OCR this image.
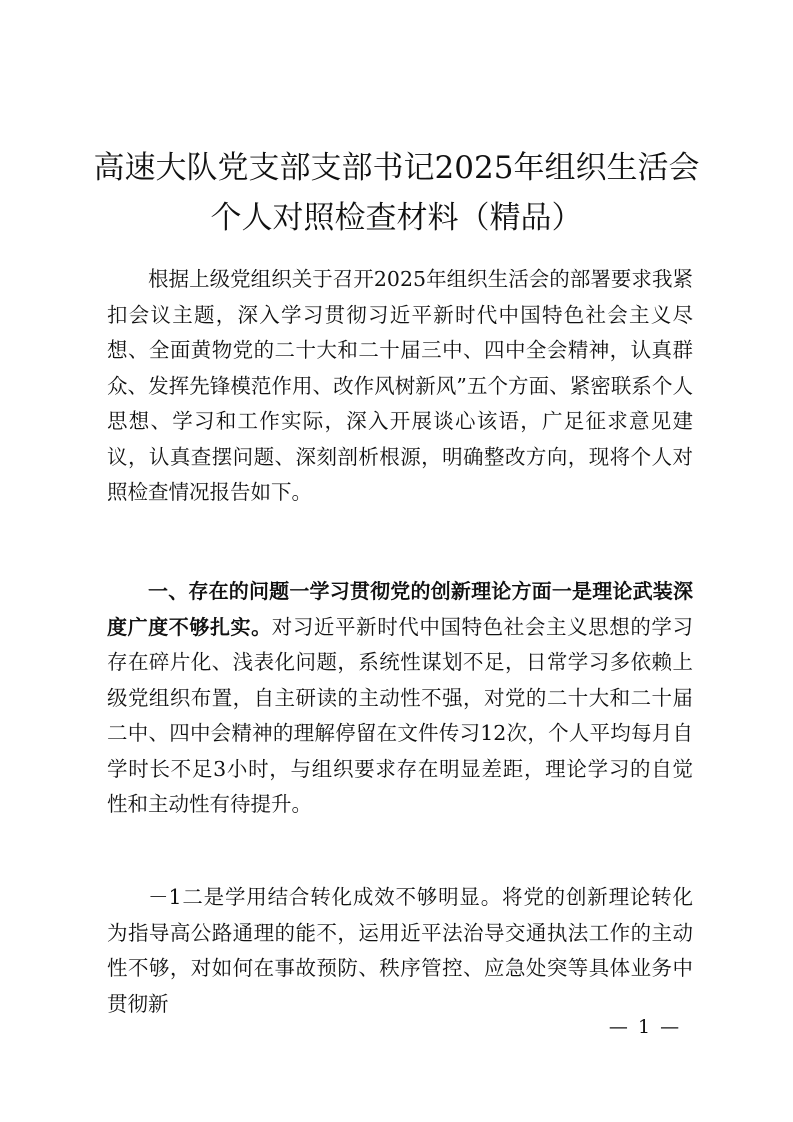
高速大队党支部支部书记2025年组织生活会
个人对照检查材料（精品）

根据上级党组织关于召开2025年组织生活会的部署要求我紧扣会议主题，深入学习贯彻习近平新时代中国特色社会主义尽想、全面黄物党的二十大和二十届三中、四中全会精神，认真群众、发挥先锋模范作用、改作风树新风”五个方面、紧密联系个人思想、学习和工作实际，深入开展谈心该语，广足征求意见建议，认真查摆问题、深刻剖析根源，明确整改方向，现将个人对照检查情况报告如下。

一、存在的问题一学习贯彻党的创新理论方面一是理论武装深度广度不够扎实。对习近平新时代中国特色社会主义思想的学习存在碎片化、浅表化问题，系统性谋划不足，日常学习多依赖上级党组织布置，自主研读的主动性不强，对党的二十大和二十届二中、四中会精神的理解停留在文件传习12次，个人平均每月自学时长不足3小时，与组织要求存在明显差距，理论学习的自觉性和主动性有待提升。

－1二是学用结合转化成效不够明显。将党的创新理论转化为指导高公路通理的能不，运用近平法治导交通执法工作的主动性不够，对如何在事故预防、秩序管控、应急处突等具体业务中贯彻新

— 1 —
